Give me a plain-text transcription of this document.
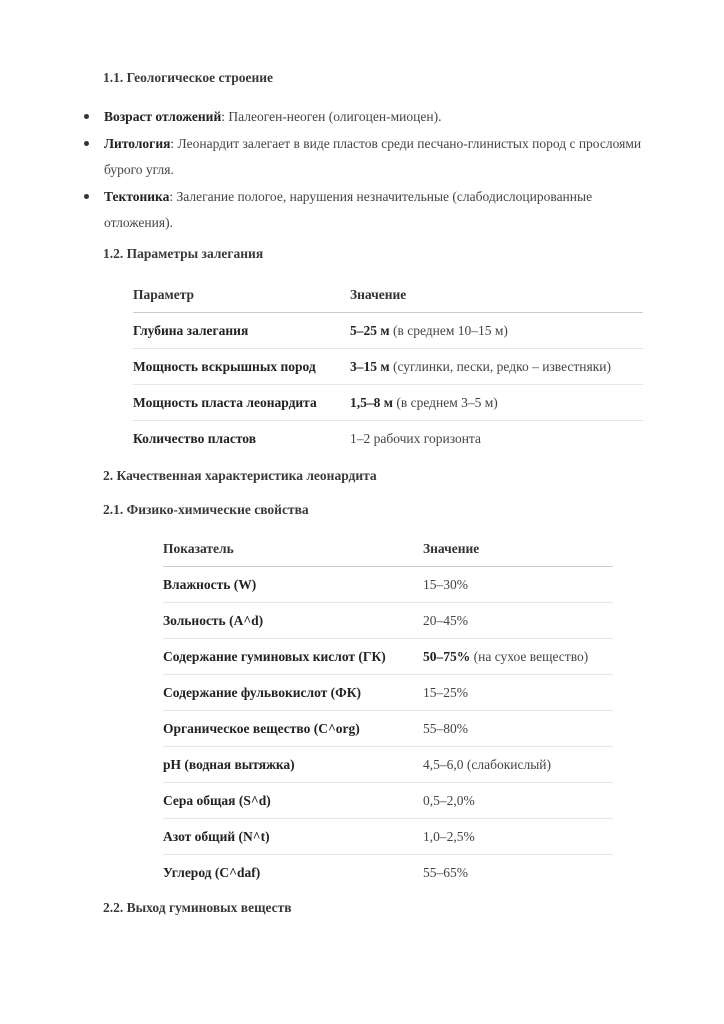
1.1. Геологическое строение
Возраст отложений: Палеоген-неоген (олигоцен-миоцен).
Литология: Леонардит залегает в виде пластов среди песчано-глинистых пород с прослоями бурого угля.
Тектоника: Залегание пологое, нарушения незначительные (слабодислоцированные отложения).
1.2. Параметры залегания
Параметр	Значение
Глубина залегания	5–25 м (в среднем 10–15 м)
Мощность вскрышных пород	3–15 м (суглинки, пески, редко – известняки)
Мощность пласта леонардита	1,5–8 м (в среднем 3–5 м)
Количество пластов	1–2 рабочих горизонта
2. Качественная характеристика леонардита
2.1. Физико-химические свойства
Показатель	Значение
Влажность (W)	15–30%
Зольность (A^d)	20–45%
Содержание гуминовых кислот (ГК)	50–75% (на сухое вещество)
Содержание фульвокислот (ФК)	15–25%
Органическое вещество (C^org)	55–80%
pH (водная вытяжка)	4,5–6,0 (слабокислый)
Сера общая (S^d)	0,5–2,0%
Азот общий (N^t)	1,0–2,5%
Углерод (C^daf)	55–65%
2.2. Выход гуминовых веществ
